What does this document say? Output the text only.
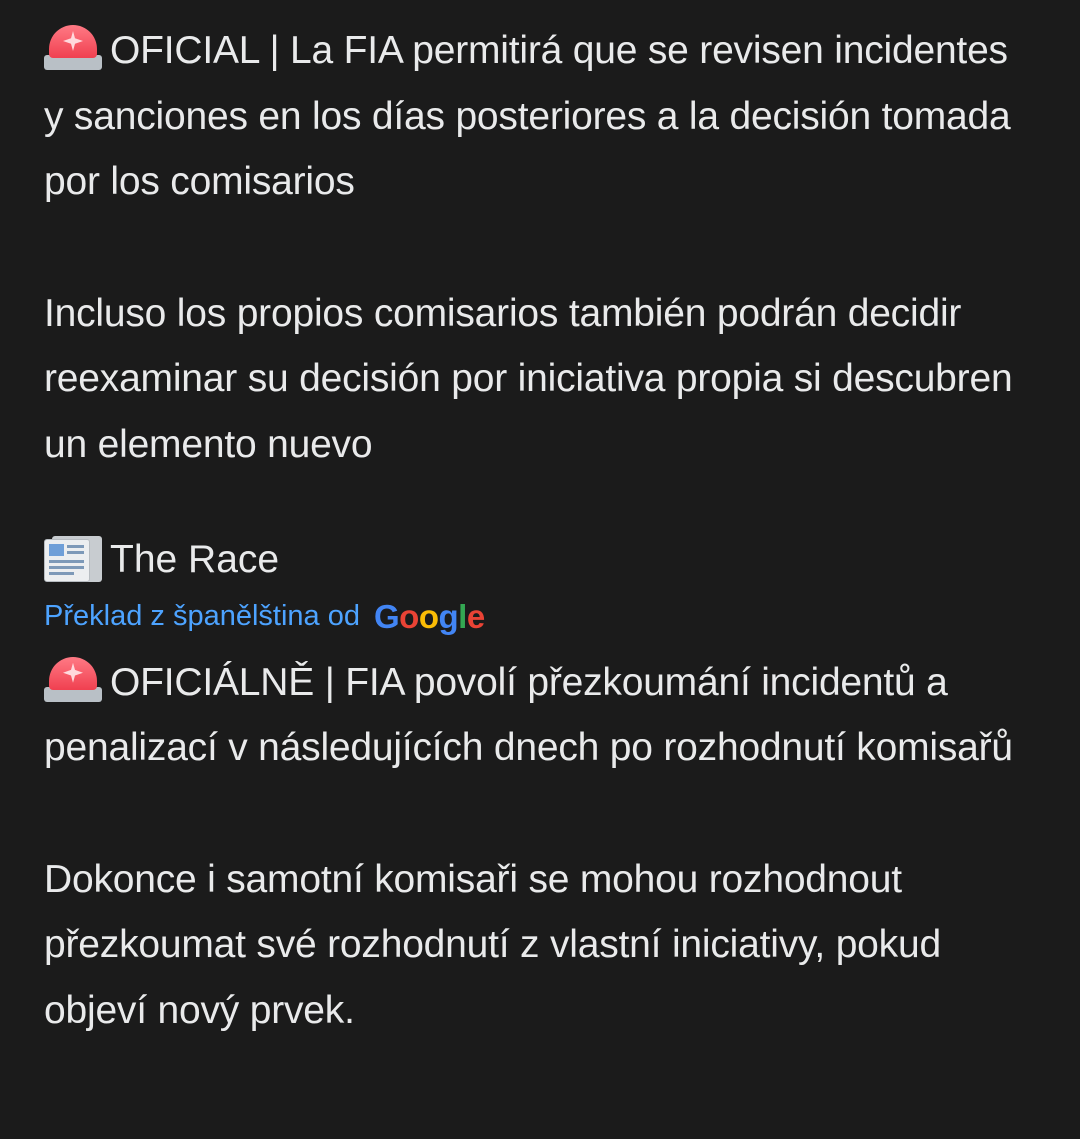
OFICIAL | La FIA permitirá que se revisen incidentes y sanciones en los días posteriores a la decisión tomada por los comisarios

Incluso los propios comisarios también podrán decidir reexaminar su decisión por iniciativa propia si descubren un elemento nuevo

The Race
Překlad z španělština od Google

OFICIÁLNĚ | FIA povolí přezkoumání incidentů a penalizací v následujících dnech po rozhodnutí komisařů

Dokonce i samotní komisaři se mohou rozhodnout přezkoumat své rozhodnutí z vlastní iniciativy, pokud objeví nový prvek.
